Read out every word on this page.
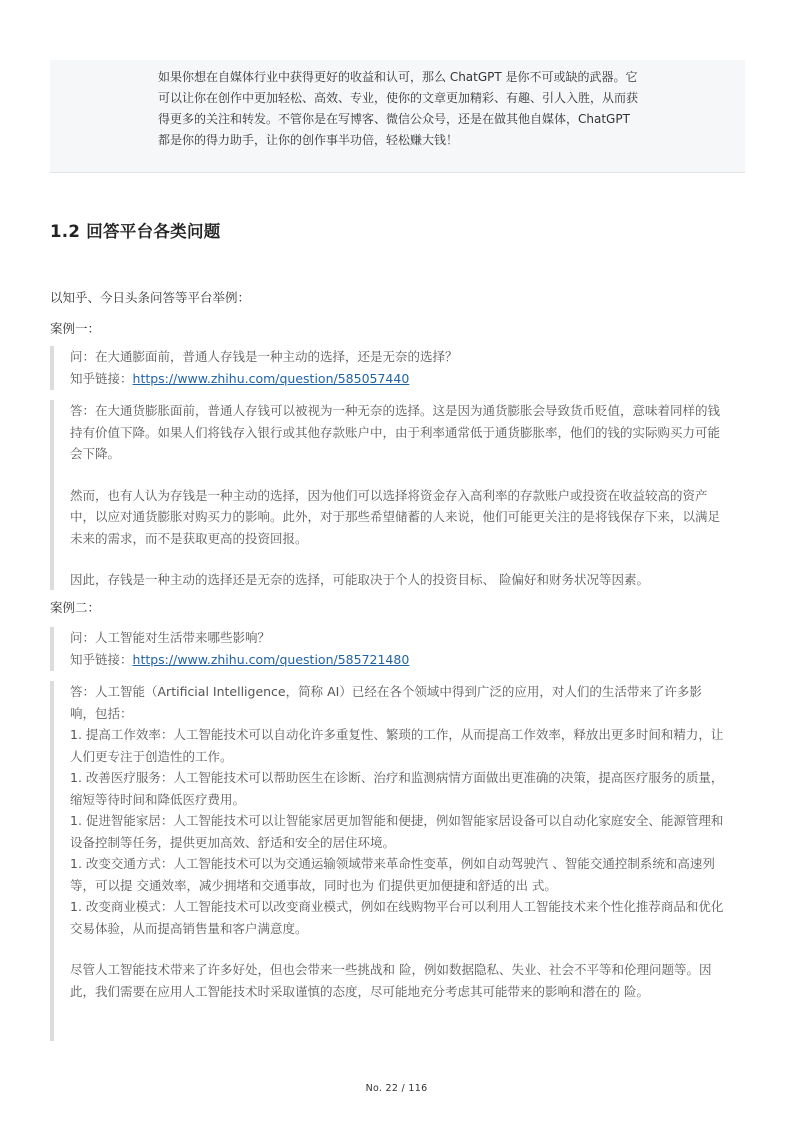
如果你想在自媒体行业中获得更好的收益和认可，那么 ChatGPT 是你不可或缺的武器。它可以让你在创作中更加轻松、高效、专业，使你的文章更加精彩、有趣、引人入胜，从而获得更多的关注和转发。不管你是在写博客、微信公众号，还是在做其他自媒体，ChatGPT 都是你的得力助手，让你的创作事半功倍，轻松赚大钱！
1.2 回答平台各类问题
以知乎、今日头条问答等平台举例：
案例一：
问：在大通膨面前，普通人存钱是一种主动的选择，还是无奈的选择？
知乎链接：https://www.zhihu.com/question/585057440
答：在大通货膨胀面前，普通人存钱可以被视为一种无奈的选择。这是因为通货膨胀会导致货币贬值，意味着同样的钱持有价值下降。如果人们将钱存入银行或其他存款账户中，由于利率通常低于通货膨胀率，他们的钱的实际购买力可能会下降。
然而，也有人认为存钱是一种主动的选择，因为他们可以选择将资金存入高利率的存款账户或投资在收益较高的资产中，以应对通货膨胀对购买力的影响。此外，对于那些希望储蓄的人来说，他们可能更关注的是将钱保存下来，以满足未来的需求，而不是获取更高的投资回报。
因此，存钱是一种主动的选择还是无奈的选择，可能取决于个人的投资目标、 险偏好和财务状况等因素。
案例二：
问：人工智能对生活带来哪些影响？
知乎链接：https://www.zhihu.com/question/585721480
答：人工智能（Artificial Intelligence，简称 AI）已经在各个领域中得到广泛的应用，对人们的生活带来了许多影响，包括：
1. 提高工作效率：人工智能技术可以自动化许多重复性、繁琐的工作，从而提高工作效率，释放出更多时间和精力，让人们更专注于创造性的工作。
1. 改善医疗服务：人工智能技术可以帮助医生在诊断、治疗和监测病情方面做出更准确的决策，提高医疗服务的质量，缩短等待时间和降低医疗费用。
1. 促进智能家居：人工智能技术可以让智能家居更加智能和便捷，例如智能家居设备可以自动化家庭安全、能源管理和设备控制等任务，提供更加高效、舒适和安全的居住环境。
1. 改变交通方式：人工智能技术可以为交通运输领域带来革命性变革，例如自动驾驶汽 、智能交通控制系统和高速列 等，可以提 交通效率，减少拥堵和交通事故，同时也为 们提供更加便捷和舒适的出 式。
1. 改变商业模式：人工智能技术可以改变商业模式，例如在线购物平台可以利用人工智能技术来个性化推荐商品和优化交易体验，从而提高销售量和客户满意度。
尽管人工智能技术带来了许多好处，但也会带来一些挑战和 险，例如数据隐私、失业、社会不平等和伦理问题等。因此，我们需要在应用人工智能技术时采取谨慎的态度，尽可能地充分考虑其可能带来的影响和潜在的 险。
No. 22 / 116
